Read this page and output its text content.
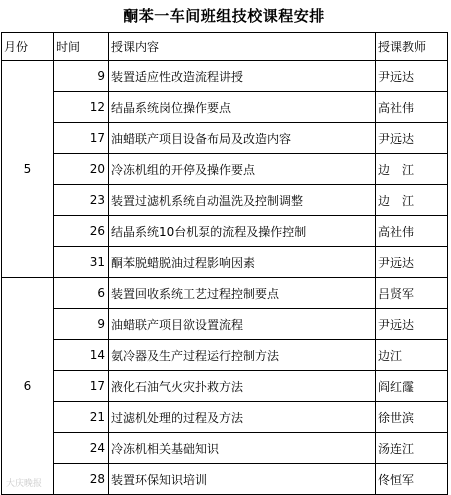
酮苯一车间班组技校课程安排
月份	时间	授课内容	授课教师
5	9	装置适应性改造流程讲授	尹远达
	12	结晶系统岗位操作要点	高社伟
	17	油蜡联产项目设备布局及改造内容	尹远达
	20	冷冻机组的开停及操作要点	边　江
	23	装置过滤机系统自动温洗及控制调整	边　江
	26	结晶系统10台机泵的流程及操作控制	高社伟
	31	酮苯脱蜡脱油过程影响因素	尹远达
6	6	装置回收系统工艺过程控制要点	吕贤军
	9	油蜡联产项目欲设置流程	尹远达
	14	氨冷器及生产过程运行控制方法	边江
	17	液化石油气火灾扑救方法	阎红霳
	21	过滤机处理的过程及方法	徐世滨
	24	冷冻机相关基础知识	汤连江
	28	装置环保知识培训	佟恒军
大庆晚报
